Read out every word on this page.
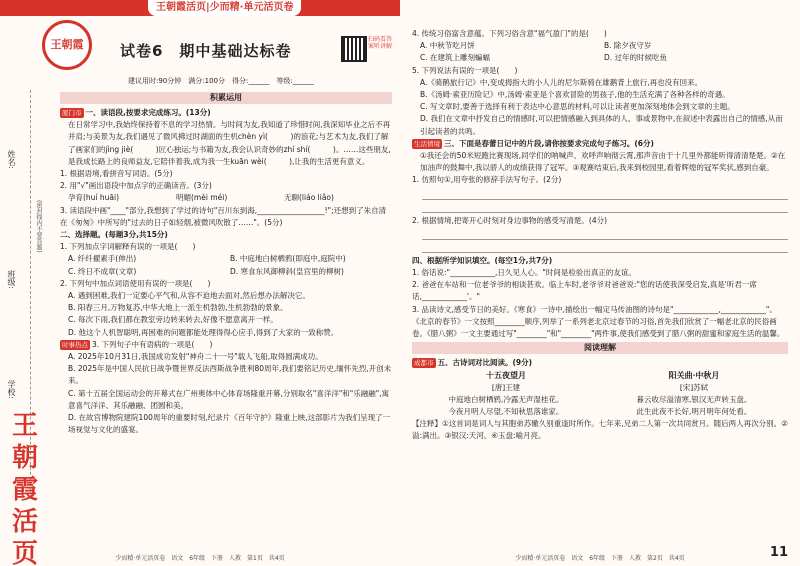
王朝霞活页|少而精·单元活页卷
王朝霞	试卷6　期中基础达标卷
扫码看答案听讲解
建议用时:90分钟　满分:100分　得分:______　等级:______
姓名:
班级:
学校:
(密封线内不要答题)
王朝霞活页
积累运用
厦门市 一、读语段,按要求完成练习。(13分)
在日常学习中,我始终保持着不息的学习热情。与时间为友,我知道了珍惜时间,我深知毕业之后不再并肩;与美景为友,我们遇见了微风拂过时湖面的生机chèn yì(　　　)的浪花;与艺术为友,我们了解了画家们的jìng jiè(　　　)匠心独运;与书籍为友,我会认识奇妙的zhí shí(　　　)。……这些朋友,是我成长路上的良师益友,它陪伴着我,成为我一生kuān wèi(　　　),让我的生活更有意义。
1. 根据语境,看拼音写词语。(5分)
2. 用"√"画出语段中加点字的正确读音。(3分)
孕育(huí huāi)	明媚(mèi méi)	无聊(liáo liǎo)
3. 读语段中画"____"部分,我想到了学过的诗句"百川东到海,__________________!";还想到了朱自清在《匆匆》中所写的"过去的日子如轻烟,被微风吹散了……"。(5分)
二、选择题。(每题3分,共15分)
1. 下列加点字词解释有误的一项是(　　)
A. 纤纤擢素手(伸出)	B. 中庭地白树栖鸦(即庭中,庭院中)
C. 终日不成章(文章)	D. 寒食东风御柳斜(皇宫里的柳树)
2. 下列句中加点词语使用有误的一项是(　　)
A. 遇到困难,我们一定要心平气和,从容不迫地去面对,然后想办法解决它。
B. 阳春三月,万物复苏,中华大地上一派生机勃勃,生机勃勃的景象。
C. 每次下雨,我们都在教室旁边转来转去,好像不愿意离开一样。
D. 他这个人机智聪明,再困难的问题都能处理得得心应手,得到了大家的一致称赞。
时事热点 3. 下列句子中有语病的一项是(　　)
A. 2025年10月31日,我国成功发射"神舟二十一号"载人飞船,取得圆满成功。
B. 2025年是中国人民抗日战争暨世界反法西斯战争胜利80周年,我们要铭记历史,缅怀先烈,开创未来。
C. 第十五届全国运动会的开幕式在广州奥体中心体育场隆重开幕,分别取名"喜洋洋"和"乐融融",寓意喜气洋洋、其乐融融、团圆和美。
D. 在故宫博物院建院100周年的重要时刻,纪录片《百年守护》隆重上映,这部影片为我们呈现了一场视觉与文化的盛宴。
少而精·单元活页卷　语文　6年级　下册　人教　第1页　共4页
4. 传统习俗富含意蕴。下列习俗含意"福气盈门"的是(　　)
A. 中秋节吃月饼	B. 除夕夜守岁
C. 在建筑上雕刻蝙蝠	D. 过年的时候吃鱼
5. 下列说法有误的一项是(　　)
A.《骑鹅旅行记》中,变成拇指大的小人儿的尼尔斯骑在雄鹅背上旅行,再也没有回来。
B.《汤姆·索亚历险记》中,汤姆·索亚是个喜欢冒险的男孩子,他的生活充满了各种各样的奇遇。
C. 写文章时,要善于选择有利于表达中心意思的材料,可以让读者更加深刻地体会到文章的主题。
D. 我们在文章中抒发自己的情感时,可以把情感融入到具体的人、事或景物中,在叙述中表露出自己的情感,从而引起读者的共鸣。
生活情境 三、下面是春蕾日记中的片段,请你按要求完成句子练习。(6分)
①我还会的50米短跑比赛现场,同学们的呐喊声、欢呼声响彻云霄,那声音由于十几里外都能听得清清楚楚。②在加油声的鼓舞中,我以骄人的成绩获得了冠军。③观赛结束后,我来到校园里,看着辉煌的冠军奖状,感到自豪。
1. 仿照句①,用夸张的修辞手法写句子。(2分)
2. 根据情境,把寄开心时刻对身边事物的感受写清楚。(4分)
四、根据所学知识填空。(每空1分,共7分)
1. 俗话说:"____________,日久见人心。"时间是检验出真正的友谊。
2. 爸爸在车站和一位老爷爷的相谈甚欢。临上车时,老爷爷对爸爸说:"您的话使我深受启发,真是'听君一席话,____________'。"
3. 品读诗文,感受节日的美好。《寒食》一诗中,描绘出一幅定马传油图的诗句是"____________,____________"。《北京的春节》一文按照________顺序,列举了一系列老北京过春节的习俗,首先我们欣赏了一幅老北京的民俗画卷。《腊八粥》一文主要通过写"________"和"________"两件事,使我们感受到了腊八粥的甜蜜和家庭生活的温馨。
阅读理解
成都市 五、古诗词对比阅读。(9分)
十五夜望月
[唐]王建
中庭地白树栖鸦,冷露无声湿桂花。
今夜月明人尽望,不知秋思落谁家。
阳关曲·中秋月
[宋]苏轼
暮云收尽溢清寒,银汉无声转玉盘。
此生此夜不长好,明月明年何处看。
【注释】①这首词是词人与其胞弟苏辙久别重逢时所作。七年来,兄弟二人第一次共同赏月。随后两人再次分别。②溢:满出。③银汉:天河。④玉盘:喻月亮。
少而精·单元活页卷　语文　6年级　下册　人教　第2页　共4页	11
